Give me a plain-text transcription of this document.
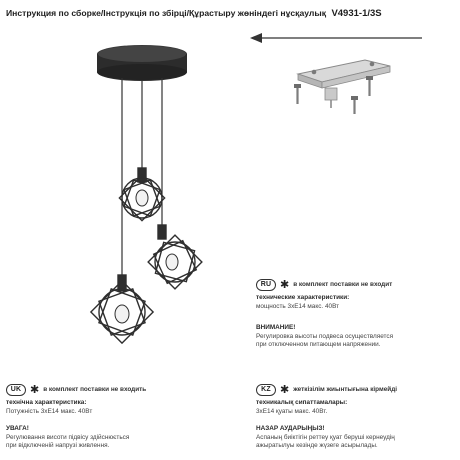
Инструкция по сборке/Інструкція по збірці/Құрастыру жөніндегі нұсқаулық V4931-1/3S
RU ✱ в комплект поставки не входит
технические характеристики:
мощность 3хЕ14 макс. 40Вт
ВНИМАНИЕ!
Регулировка высоты подвеса осуществляется
при отключенном питающем напряжении.
UK ✱ в комплект поставки не входить
технічна характеристика:
Потужність 3хЕ14 макс. 40Вт
УВАГА!
Регулювання висоти підвісу здійснюється
при відключеній напрузі живлення.
KZ ✱ жеткізілім жиынтығына кірмейді
техникалық сипаттамалары:
3хЕ14 қуаты макс. 40Вт.
НАЗАР АУДАРЫҢЫЗ!
Аспаның биіктігін реттеу қуат беруші кернеудің
ажыратылуы кезінде жүзеге асырылады.
